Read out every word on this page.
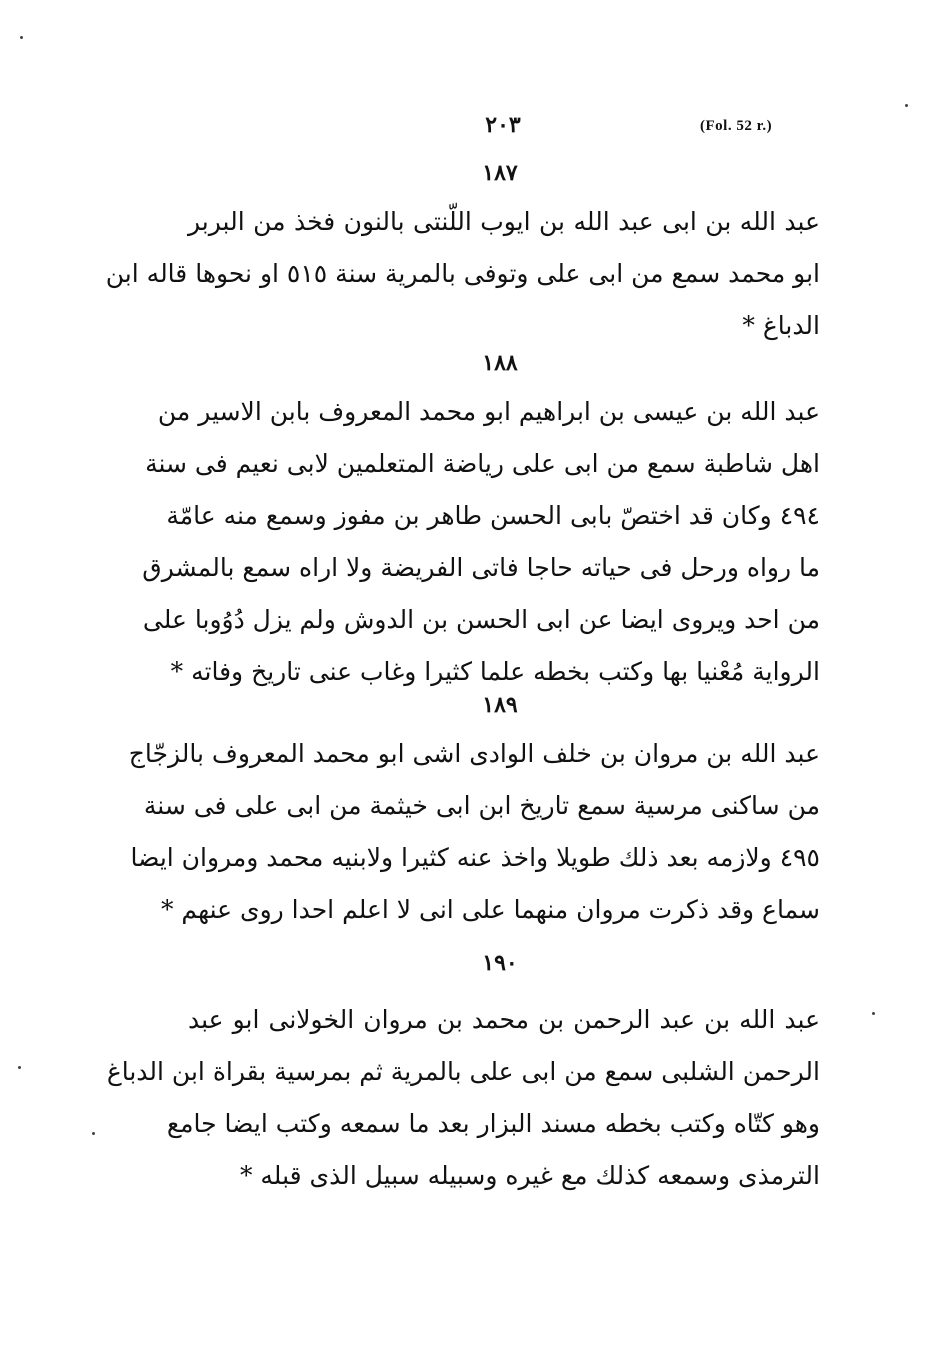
٢٠٣	(Fol. 52 r.)
١٨٧
عبد الله بن ابى عبد الله بن ايوب اللّنتى بالنون فخذ من البربر
ابو محمد سمع من ابى على وتوفى بالمرية سنة ٥١٥ او نحوها قاله ابن
الدباغ *
١٨٨
عبد الله بن عيسى بن ابراهيم ابو محمد المعروف بابن الاسير من
اهل شاطبة سمع من ابى على رياضة المتعلمين لابى نعيم فى سنة
٤٩٤ وكان قد اختصّ بابى الحسن طاهر بن مفوز وسمع منه عامّة
ما رواه ورحل فى حياته حاجا فاتى الفريضة ولا اراه سمع بالمشرق
من احد ويروى ايضا عن ابى الحسن بن الدوش ولم يزل دُوُوبا على
الرواية مُعْنيا بها وكتب بخطه علما كثيرا وغاب عنى تاريخ وفاته *
١٨٩
عبد الله بن مروان بن خلف الوادى اشى ابو محمد المعروف بالزجّاج
من ساكنى مرسية سمع تاريخ ابن ابى خيثمة من ابى على فى سنة
٤٩٥ ولازمه بعد ذلك طويلا واخذ عنه كثيرا ولابنيه محمد ومروان ايضا
سماع وقد ذكرت مروان منهما على انى لا اعلم احدا روى عنهم *
١٩٠
عبد الله بن عبد الرحمن بن محمد بن مروان الخولانى ابو عبد
الرحمن الشلبى سمع من ابى على بالمرية ثم بمرسية بقراة ابن الدباغ
وهو كتّاه وكتب بخطه مسند البزار بعد ما سمعه وكتب ايضا جامع
الترمذى وسمعه كذلك مع غيره وسبيله سبيل الذى قبله *
